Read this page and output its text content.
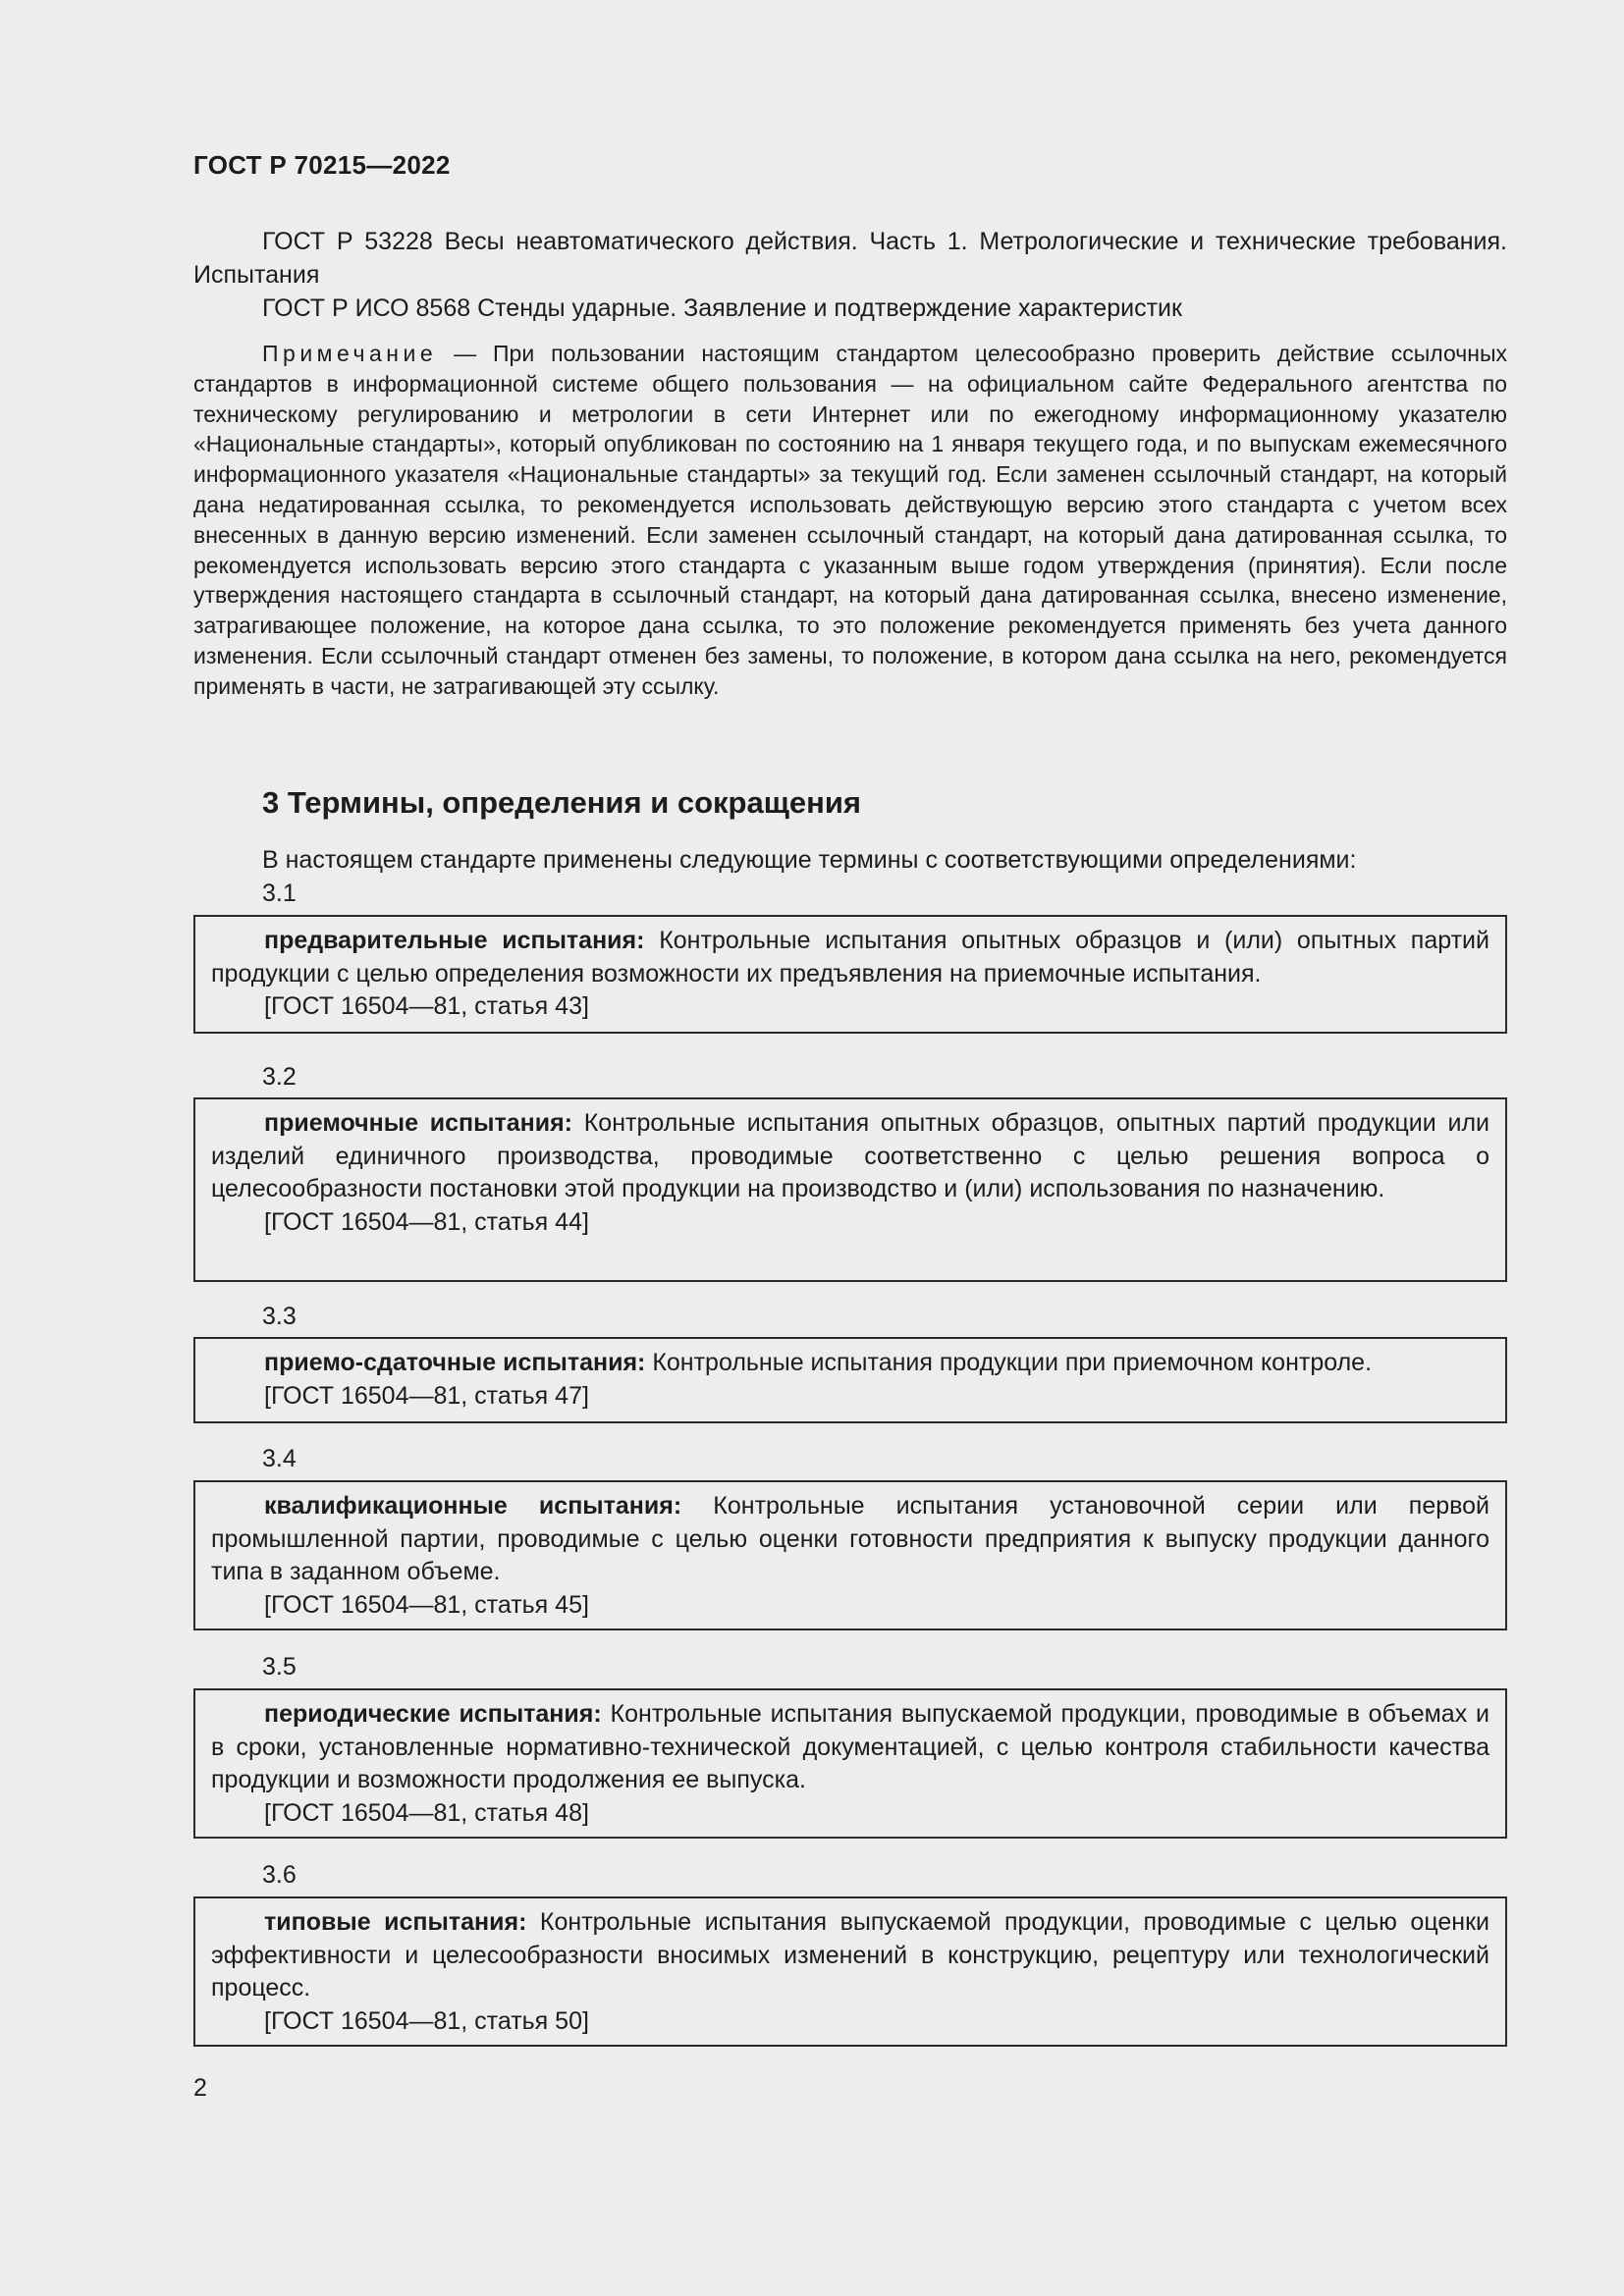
ГОСТ Р 70215—2022

ГОСТ Р 53228 Весы неавтоматического действия. Часть 1. Метрологические и технические требования. Испытания

ГОСТ Р ИСО 8568 Стенды ударные. Заявление и подтверждение характеристик

Примечание — При пользовании настоящим стандартом целесообразно проверить действие ссылочных стандартов в информационной системе общего пользования — на официальном сайте Федерального агентства по техническому регулированию и метрологии в сети Интернет или по ежегодному информационному указателю «Национальные стандарты», который опубликован по состоянию на 1 января текущего года, и по выпускам ежемесячного информационного указателя «Национальные стандарты» за текущий год. Если заменен ссылочный стандарт, на который дана недатированная ссылка, то рекомендуется использовать действующую версию этого стандарта с учетом всех внесенных в данную версию изменений. Если заменен ссылочный стандарт, на который дана датированная ссылка, то рекомендуется использовать версию этого стандарта с указанным выше годом утверждения (принятия). Если после утверждения настоящего стандарта в ссылочный стандарт, на который дана датированная ссылка, внесено изменение, затрагивающее положение, на которое дана ссылка, то это положение рекомендуется применять без учета данного изменения. Если ссылочный стандарт отменен без замены, то положение, в котором дана ссылка на него, рекомендуется применять в части, не затрагивающей эту ссылку.

3 Термины, определения и сокращения

В настоящем стандарте применены следующие термины с соответствующими определениями:

3.1

предварительные испытания: Контрольные испытания опытных образцов и (или) опытных партий продукции с целью определения возможности их предъявления на приемочные испытания.

[ГОСТ 16504—81, статья 43]

3.2

приемочные испытания: Контрольные испытания опытных образцов, опытных партий продукции или изделий единичного производства, проводимые соответственно с целью решения вопроса о целесообразности постановки этой продукции на производство и (или) использования по назначению.

[ГОСТ 16504—81, статья 44]

3.3

приемо-сдаточные испытания: Контрольные испытания продукции при приемочном контроле.

[ГОСТ 16504—81, статья 47]

3.4

квалификационные испытания: Контрольные испытания установочной серии или первой промышленной партии, проводимые с целью оценки готовности предприятия к выпуску продукции данного типа в заданном объеме.

[ГОСТ 16504—81, статья 45]

3.5

периодические испытания: Контрольные испытания выпускаемой продукции, проводимые в объемах и в сроки, установленные нормативно-технической документацией, с целью контроля стабильности качества продукции и возможности продолжения ее выпуска.

[ГОСТ 16504—81, статья 48]

3.6

типовые испытания: Контрольные испытания выпускаемой продукции, проводимые с целью оценки эффективности и целесообразности вносимых изменений в конструкцию, рецептуру или технологический процесс.

[ГОСТ 16504—81, статья 50]

2
